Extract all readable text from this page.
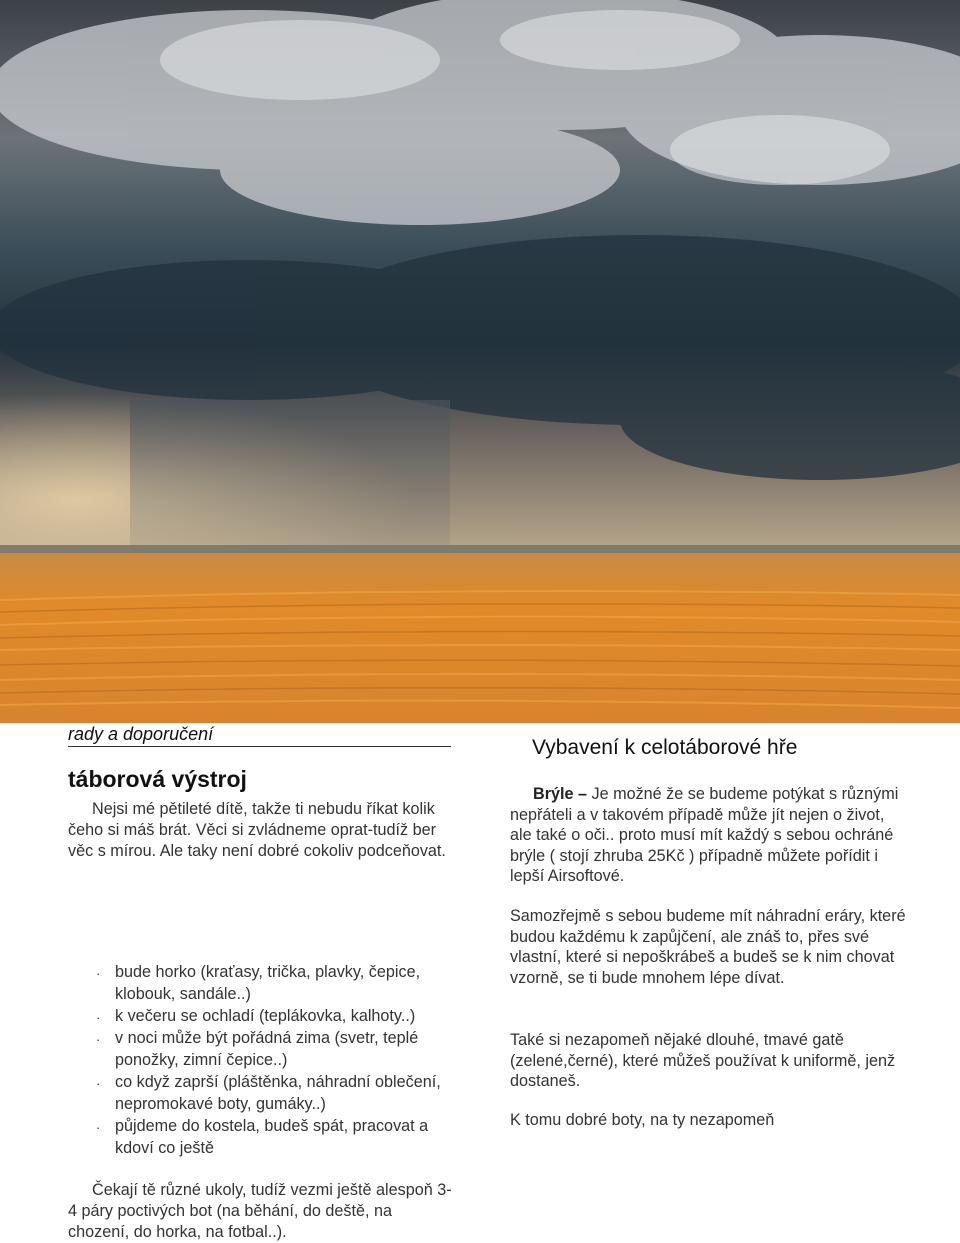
rady a doporučení
táborová výstroj

Nejsi mé pětileté dítě, takže ti nebudu říkat kolik čeho si máš brát. Věci si zvládneme oprat-tudíž ber věc s mírou. Ale taky není dobré cokoliv podceňovat.

· bude horko (kraťasy, trička, plavky, čepice, klobouk, sandále..)
· k večeru se ochladí (teplákovka, kalhoty..)
· v noci může být pořádná zima (svetr, teplé ponožky, zimní čepice..)
· co když zaprší (pláštěnka, náhradní oblečení, nepromokavé boty, gumáky..)
· půjdeme do kostela, budeš spát, pracovat a kdoví co ještě

Čekají tě různé ukoly, tudíž vezmi ještě alespoň 3-4 páry poctivých bot (na běhání, do deště, na chození, do horka, na fotbal..).

Vybavení k celotáborové hře

Brýle – Je možné že se budeme potýkat s různými nepřáteli a v takovém případě může jít nejen o život, ale také o oči.. proto musí mít každý s sebou ochráné brýle ( stojí zhruba 25Kč ) případně můžete pořídit i lepší Airsoftové.

Samozřejmě s sebou budeme mít náhradní eráry, které budou každému k zapůjčení, ale znáš to, přes své vlastní, které si nepoškrábeš a budeš se k nim chovat vzorně, se ti bude mnohem lépe dívat.

Také si nezapomeň nějaké dlouhé, tmavé gatě (zelené,černé), které můžeš používat k uniformě, jenž dostaneš.

K tomu dobré boty, na ty nezapomeň
